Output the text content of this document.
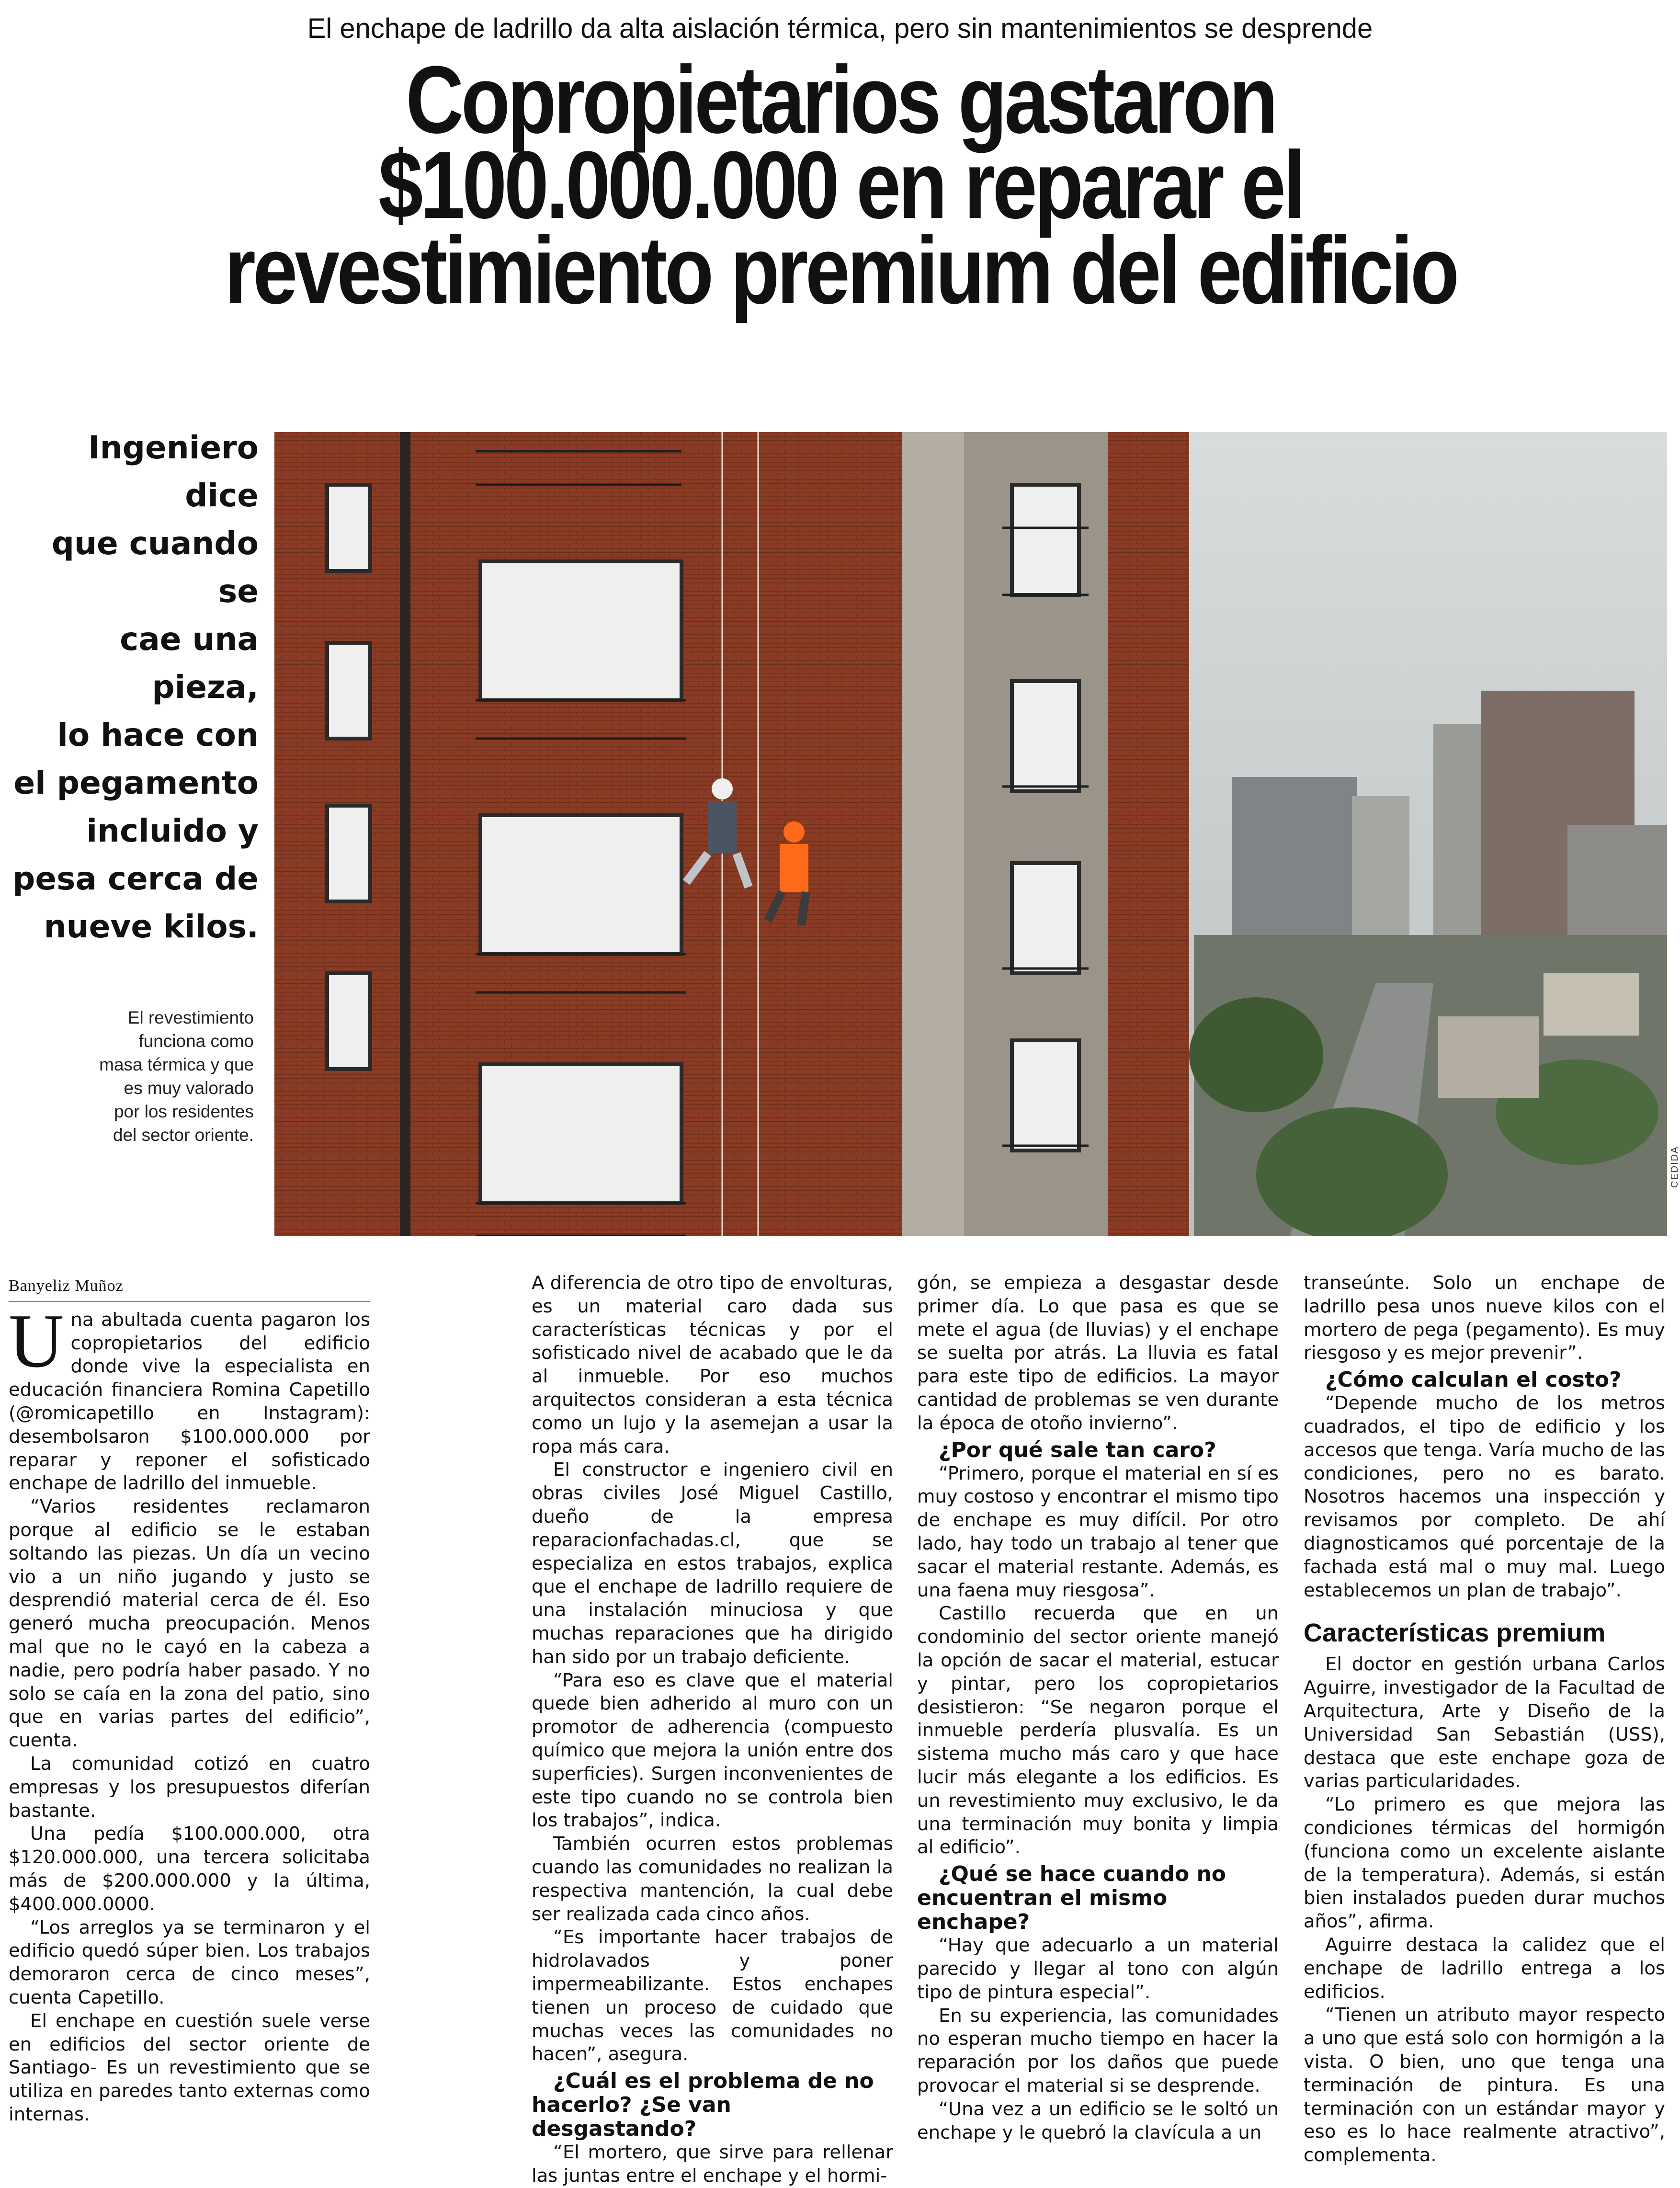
El enchape de ladrillo da alta aislación térmica, pero sin mantenimientos se desprende
Copropietarios gastaron
$100.000.000 en reparar el
revestimiento premium del edificio
Ingeniero dice
que cuando se
cae una pieza,
lo hace con
el pegamento
incluido y
pesa cerca de
nueve kilos.
El revestimiento
funciona como
masa térmica y que
es muy valorado
por los residentes
del sector oriente.
CEDIDA
Banyeliz Muñoz

Una abultada cuenta pagaron los copropietarios del edificio donde vive la especialista en educación financiera Romina Capetillo (@romicapetillo en Instagram): desembolsaron $100.000.000 por reparar y reponer el sofisticado enchape de ladrillo del inmueble.

“Varios residentes reclamaron porque al edificio se le estaban soltando las piezas. Un día un vecino vio a un niño jugando y justo se desprendió material cerca de él. Eso generó mucha preocupación. Menos mal que no le cayó en la cabeza a nadie, pero podría haber pasado. Y no solo se caía en la zona del patio, sino que en varias partes del edificio”, cuenta.

La comunidad cotizó en cuatro empresas y los presupuestos diferían bastante.

Una pedía $100.000.000, otra $120.000.000, una tercera solicitaba más de $200.000.000 y la última, $400.000.0000.

“Los arreglos ya se terminaron y el edificio quedó súper bien. Los trabajos demoraron cerca de cinco meses”, cuenta Capetillo.

El enchape en cuestión suele verse en edificios del sector oriente de Santiago- Es un revestimiento que se utiliza en paredes tanto externas como internas.

A diferencia de otro tipo de envolturas, es un material caro dada sus características técnicas y por el sofisticado nivel de acabado que le da al inmueble. Por eso muchos arquitectos consideran a esta técnica como un lujo y la asemejan a usar la ropa más cara.

El constructor e ingeniero civil en obras civiles José Miguel Castillo, dueño de la empresa reparacionfachadas.cl, que se especializa en estos trabajos, explica que el enchape de ladrillo requiere de una instalación minuciosa y que muchas reparaciones que ha dirigido han sido por un trabajo deficiente.

“Para eso es clave que el material quede bien adherido al muro con un promotor de adherencia (compuesto químico que mejora la unión entre dos superficies). Surgen inconvenientes de este tipo cuando no se controla bien los trabajos”, indica.

También ocurren estos problemas cuando las comunidades no realizan la respectiva mantención, la cual debe ser realizada cada cinco años.

“Es importante hacer trabajos de hidrolavados y poner impermeabilizante. Estos enchapes tienen un proceso de cuidado que muchas veces las comunidades no hacen”, asegura.

¿Cuál es el problema de no hacerlo? ¿Se van desgastando?

“El mortero, que sirve para rellenar las juntas entre el enchape y el hormi-

gón, se empieza a desgastar desde primer día. Lo que pasa es que se mete el agua (de lluvias) y el enchape se suelta por atrás. La lluvia es fatal para este tipo de edificios. La mayor cantidad de problemas se ven durante la época de otoño invierno”.

¿Por qué sale tan caro?

“Primero, porque el material en sí es muy costoso y encontrar el mismo tipo de enchape es muy difícil. Por otro lado, hay todo un trabajo al tener que sacar el material restante. Además, es una faena muy riesgosa”.

Castillo recuerda que en un condominio del sector oriente manejó la opción de sacar el material, estucar y pintar, pero los copropietarios desistieron: “Se negaron porque el inmueble perdería plusvalía. Es un sistema mucho más caro y que hace lucir más elegante a los edificios. Es un revestimiento muy exclusivo, le da una terminación muy bonita y limpia al edificio”.

¿Qué se hace cuando no encuentran el mismo enchape?

“Hay que adecuarlo a un material parecido y llegar al tono con algún tipo de pintura especial”.

En su experiencia, las comunidades no esperan mucho tiempo en hacer la reparación por los daños que puede provocar el material si se desprende.

“Una vez a un edificio se le soltó un enchape y le quebró la clavícula a un

transeúnte. Solo un enchape de ladrillo pesa unos nueve kilos con el mortero de pega (pegamento). Es muy riesgoso y es mejor prevenir”.

¿Cómo calculan el costo?

“Depende mucho de los metros cuadrados, el tipo de edificio y los accesos que tenga. Varía mucho de las condiciones, pero no es barato. Nosotros hacemos una inspección y revisamos por completo. De ahí diagnosticamos qué porcentaje de la fachada está mal o muy mal. Luego establecemos un plan de trabajo”.

Características premium

El doctor en gestión urbana Carlos Aguirre, investigador de la Facultad de Arquitectura, Arte y Diseño de la Universidad San Sebastián (USS), destaca que este enchape goza de varias particularidades.

“Lo primero es que mejora las condiciones térmicas del hormigón (funciona como un excelente aislante de la temperatura). Además, si están bien instalados pueden durar muchos años”, afirma.

Aguirre destaca la calidez que el enchape de ladrillo entrega a los edificios.

“Tienen un atributo mayor respecto a uno que está solo con hormigón a la vista. O bien, uno que tenga una terminación de pintura. Es una terminación con un estándar mayor y eso es lo hace realmente atractivo”, complementa.
